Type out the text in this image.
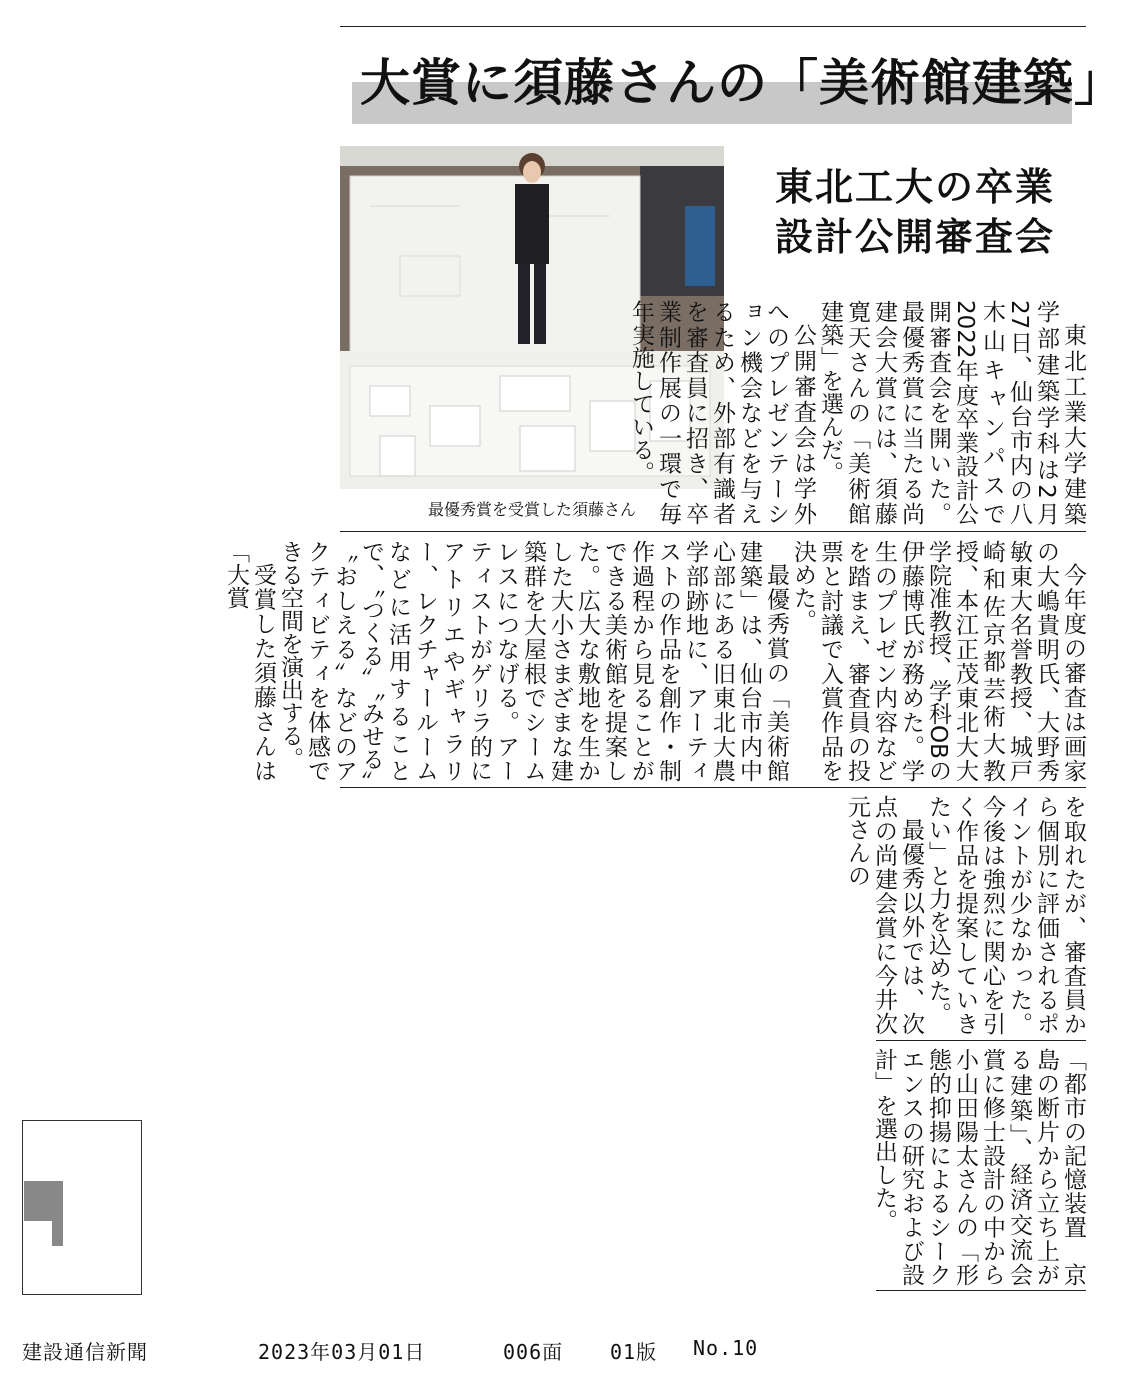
大賞に須藤さんの「美術館建築」
最優秀賞を受賞した須藤さん
東北工大の卒業
設計公開審査会

東北工業大学建築学部建築学科は2月27日、仙台市内の八木山キャンパスで2022年度卒業設計公開審査会を開いた。最優秀賞に当たる尚建会大賞には、須藤寛天さんの「美術館建築」を選んだ。

公開審査会は学外へのプレゼンテーション機会などを与えるため、外部有識者を審査員に招き、卒業制作展の一環で毎年実施している。

今年度の審査は画家の大嶋貴明氏、大野秀敏東大名誉教授、城戸崎和佐京都芸術大教授、本江正茂東北大大学院准教授、学科OBの伊藤博氏が務めた。学生のプレゼン内容などを踏まえ、審査員の投票と討議で入賞作品を決めた。

最優秀賞の「美術館建築」は、仙台市内中心部にある旧東北大農学部跡地に、アーティストの作品を創作・制作過程から見ることができる美術館を提案した。広大な敷地を生かした大小さまざまな建築群を大屋根でシームレスにつなげる。アーティストがゲリラ的にアトリエやギャラリー、レクチャールームなどに活用することで、〝つくる〟〝みせる〟〝おしえる〟などのアクティビティを体感できる空間を演出する。

受賞した須藤さんは「大賞

を取れたが、審査員から個別に評価されるポイントが少なかった。今後は強烈に関心を引く作品を提案していきたい」と力を込めた。

最優秀以外では、次点の尚建会賞に今井次元さんの

「都市の記憶装置　京島の断片から立ち上がる建築」、経済交流会賞に修士設計の中から小山田陽太さんの「形態的抑揚によるシークエンスの研究および設計」を選出した。

建設通信新聞	2023年03月01日	006面 01版 No.10
